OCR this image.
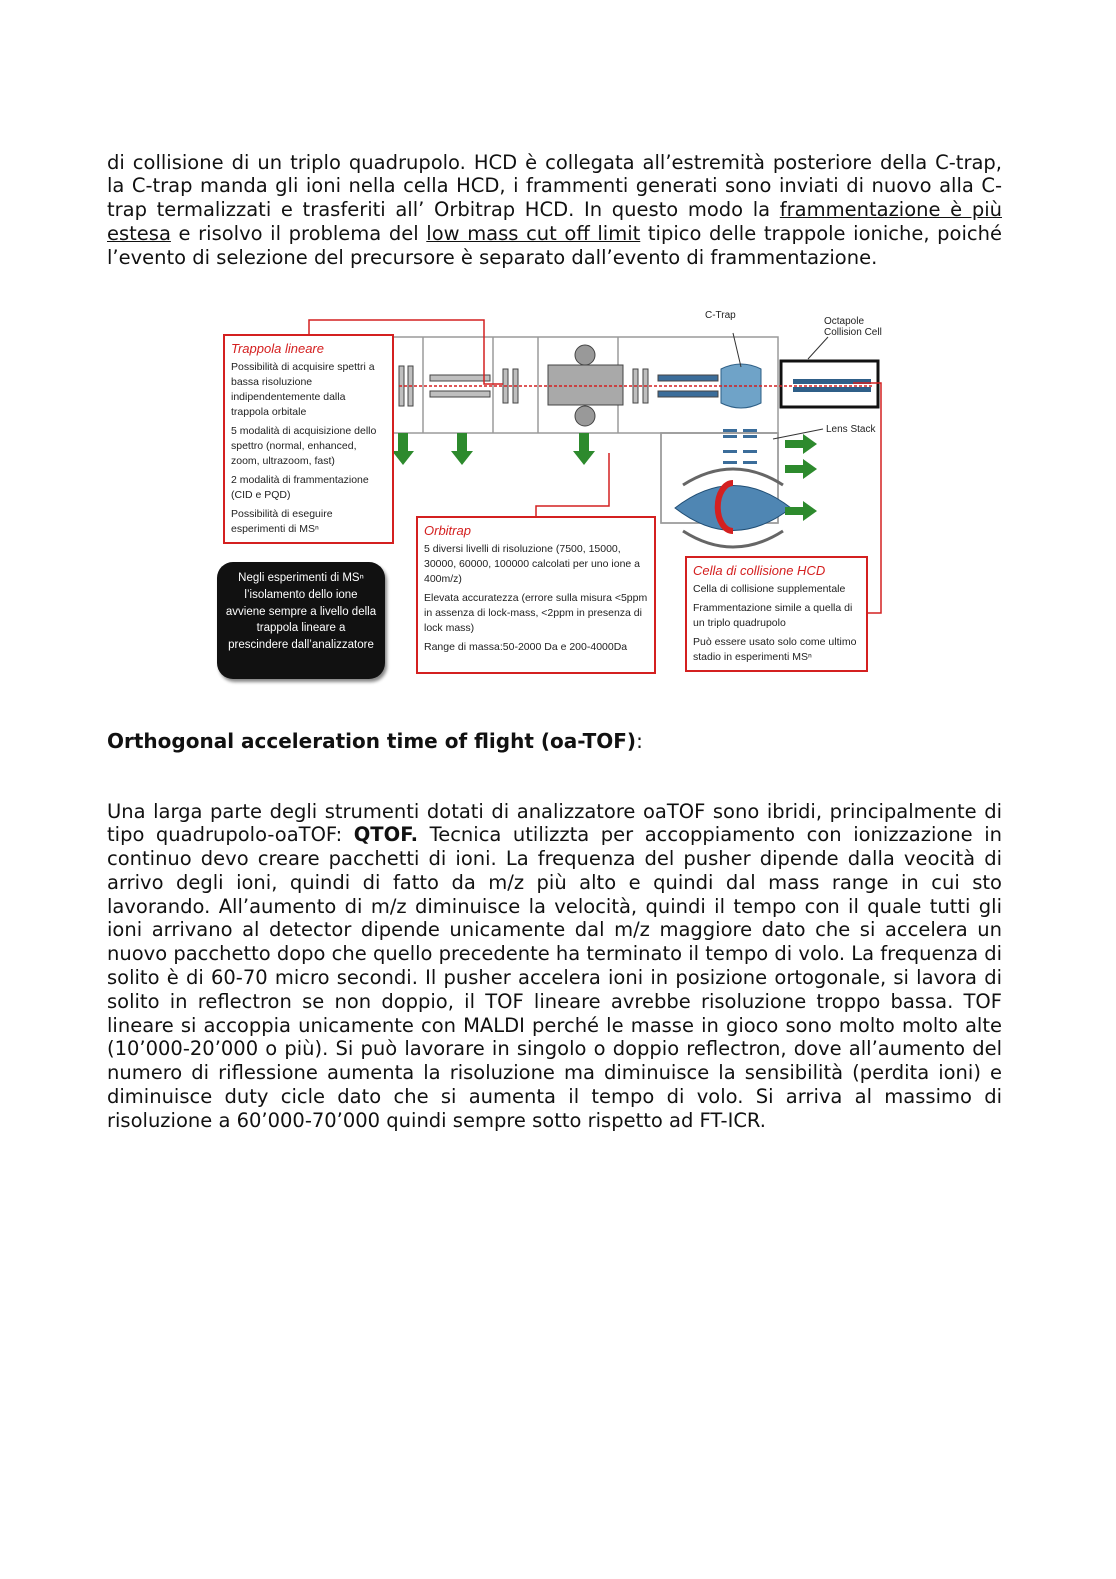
di collisione di un triplo quadrupolo. HCD è collegata all’estremità posteriore della C-trap, la C-trap manda gli ioni nella cella HCD, i frammenti generati sono inviati di nuovo alla C-trap termalizzati e trasferiti all’ Orbitrap HCD. In questo modo la frammentazione è più estesa e risolvo il problema del low mass cut off limit tipico delle trappole ioniche, poiché l’evento di selezione del precursore è separato dall’evento di frammentazione.

C-Trap
Octapole
Collision Cell
Lens Stack
Trappola lineare

Possibilità di acquisire spettri a bassa risoluzione indipendentemente dalla trappola orbitale

5 modalità di acquisizione dello spettro (normal, enhanced, zoom, ultrazoom, fast)

2 modalità di frammentazione (CID e PQD)

Possibilità di eseguire esperimenti di MSⁿ	Orbitrap

5 diversi livelli di risoluzione (7500, 15000, 30000, 60000, 100000 calcolati per uno ione a 400m/z)

Elevata accuratezza (errore sulla misura <5ppm in assenza di lock-mass, <2ppm in presenza di lock mass)

Range di massa:50-2000 Da e 200-4000Da

Cella di collisione HCD

Cella di collisione supplementale

Frammentazione simile a quella di un triplo quadrupolo

Può essere usato solo come ultimo stadio in esperimenti MSⁿ

Negli esperimenti di MSⁿ l’isolamento dello ione avviene sempre a livello della trappola lineare a prescindere dall’analizzatore
Orthogonal acceleration time of flight (oa-TOF):

Una larga parte degli strumenti dotati di analizzatore oaTOF sono ibridi, principalmente di tipo quadrupolo-oaTOF: QTOF. Tecnica utilizzta per accoppiamento con ionizzazione in continuo devo creare pacchetti di ioni. La frequenza del pusher dipende dalla veocità di arrivo degli ioni, quindi di fatto da m/z più alto e quindi dal mass range in cui sto lavorando. All’aumento di m/z diminuisce la velocità, quindi il tempo con il quale tutti gli ioni arrivano al detector dipende unicamente dal m/z maggiore dato che si accelera un nuovo pacchetto dopo che quello precedente ha terminato il tempo di volo. La frequenza di solito è di 60-70 micro secondi. Il pusher accelera ioni in posizione ortogonale, si lavora di solito in reflectron se non doppio, il TOF lineare avrebbe risoluzione troppo bassa. TOF lineare si accoppia unicamente con MALDI perché le masse in gioco sono molto molto alte (10’000-20’000 o più). Si può lavorare in singolo o doppio reflectron, dove all’aumento del numero di riflessione aumenta la risoluzione ma diminuisce la sensibilità (perdita ioni) e diminuisce duty cicle dato che si aumenta il tempo di volo. Si arriva al massimo di risoluzione a 60’000-70’000 quindi sempre sotto rispetto ad FT-ICR.
